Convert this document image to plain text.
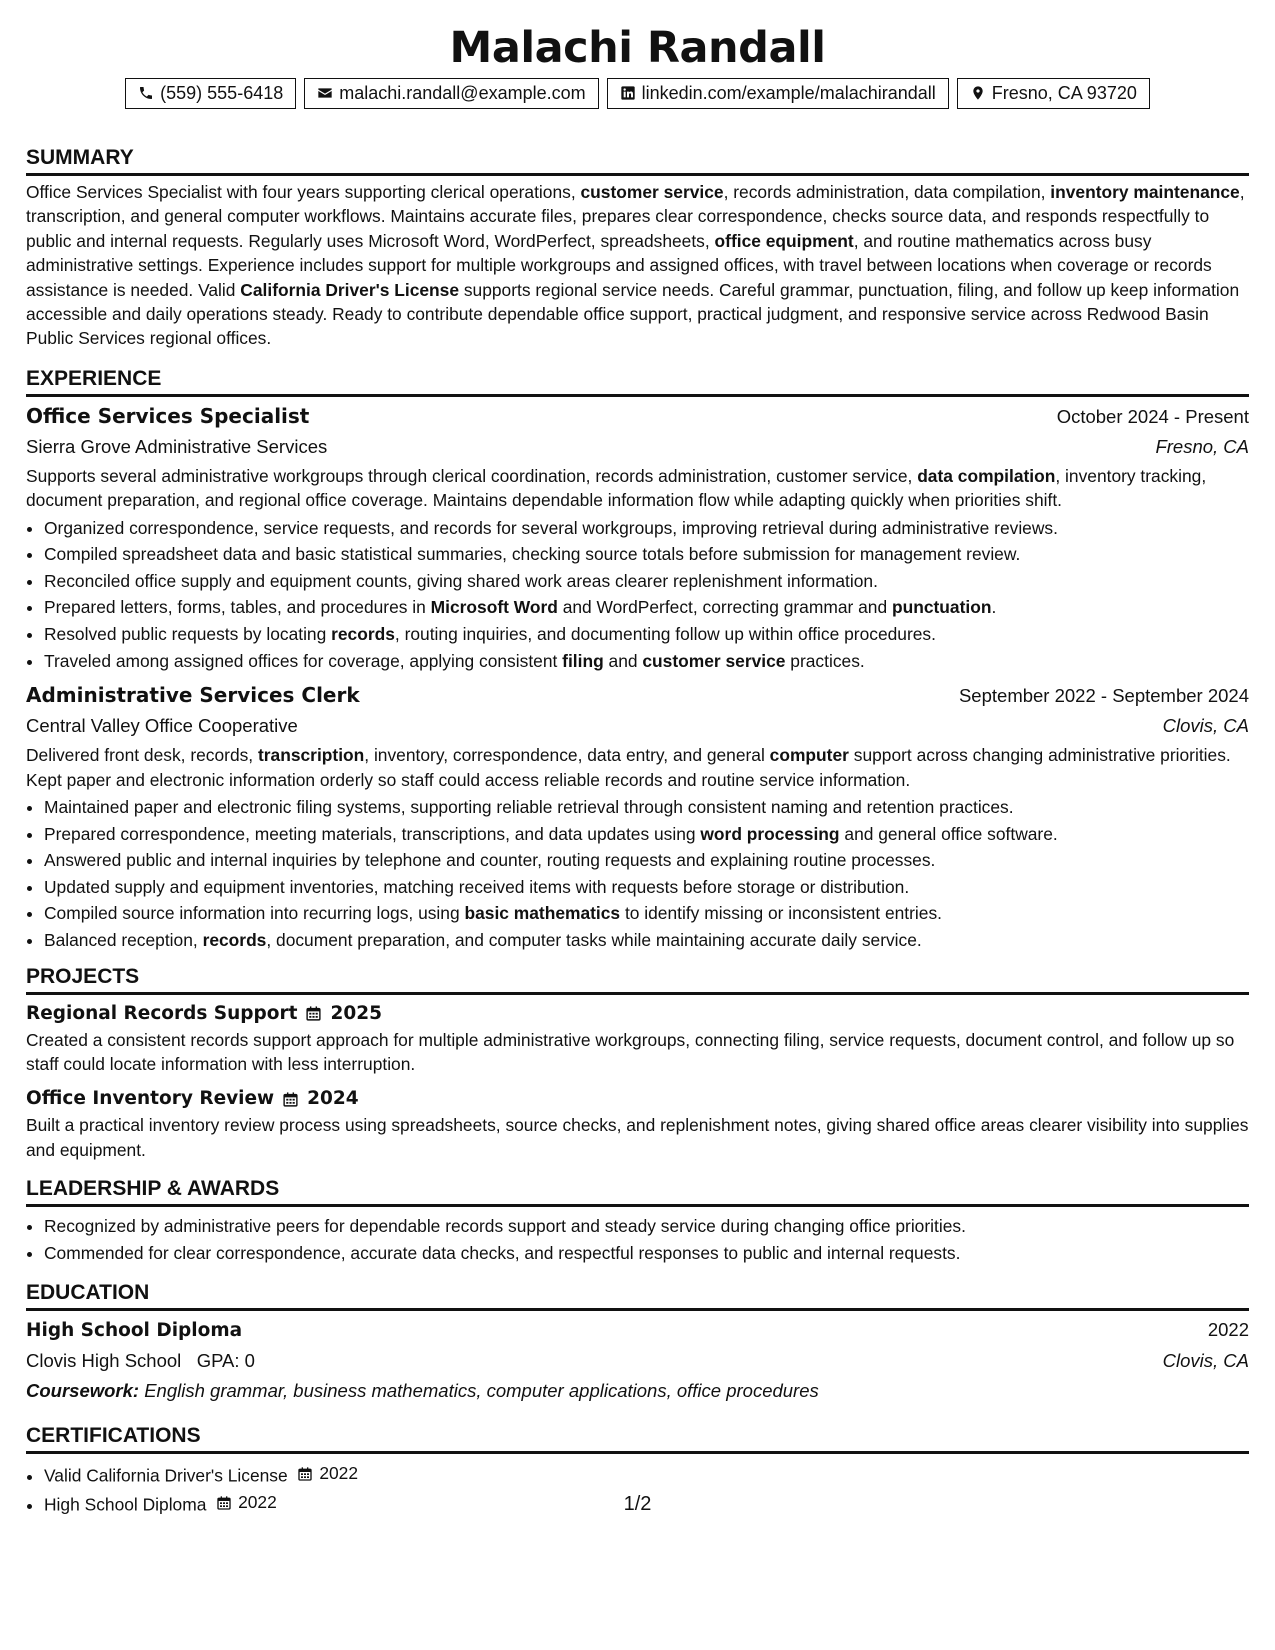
Malachi Randall
(559) 555-6418	malachi.randall@example.com	linkedin.com/example/malachirandall	Fresno, CA 93720
SUMMARY

Office Services Specialist with four years supporting clerical operations, customer service, records administration, data compilation, inventory maintenance, transcription, and general computer workflows. Maintains accurate files, prepares clear correspondence, checks source data, and responds respectfully to public and internal requests. Regularly uses Microsoft Word, WordPerfect, spreadsheets, office equipment, and routine mathematics across busy administrative settings. Experience includes support for multiple workgroups and assigned offices, with travel between locations when coverage or records assistance is needed. Valid California Driver's License supports regional service needs. Careful grammar, punctuation, filing, and follow up keep information accessible and daily operations steady. Ready to contribute dependable office support, practical judgment, and responsive service across Redwood Basin Public Services regional offices.

EXPERIENCE
Office Services Specialist	October 2024 - Present
Sierra Grove Administrative Services	Fresno, CA

Supports several administrative workgroups through clerical coordination, records administration, customer service, data compilation, inventory tracking, document preparation, and regional office coverage. Maintains dependable information flow while adapting quickly when priorities shift.

• Organized correspondence, service requests, and records for several workgroups, improving retrieval during administrative reviews.
• Compiled spreadsheet data and basic statistical summaries, checking source totals before submission for management review.
• Reconciled office supply and equipment counts, giving shared work areas clearer replenishment information.
• Prepared letters, forms, tables, and procedures in Microsoft Word and WordPerfect, correcting grammar and punctuation.
• Resolved public requests by locating records, routing inquiries, and documenting follow up within office procedures.
• Traveled among assigned offices for coverage, applying consistent filing and customer service practices.
Administrative Services Clerk	September 2022 - September 2024
Central Valley Office Cooperative	Clovis, CA

Delivered front desk, records, transcription, inventory, correspondence, data entry, and general computer support across changing administrative priorities. Kept paper and electronic information orderly so staff could access reliable records and routine service information.

• Maintained paper and electronic filing systems, supporting reliable retrieval through consistent naming and retention practices.
• Prepared correspondence, meeting materials, transcriptions, and data updates using word processing and general office software.
• Answered public and internal inquiries by telephone and counter, routing requests and explaining routine processes.
• Updated supply and equipment inventories, matching received items with requests before storage or distribution.
• Compiled source information into recurring logs, using basic mathematics to identify missing or inconsistent entries.
• Balanced reception, records, document preparation, and computer tasks while maintaining accurate daily service.
PROJECTS
Regional Records Support 2025

Created a consistent records support approach for multiple administrative workgroups, connecting filing, service requests, document control, and follow up so staff could locate information with less interruption.

Office Inventory Review 2024

Built a practical inventory review process using spreadsheets, source checks, and replenishment notes, giving shared office areas clearer visibility into supplies and equipment.

LEADERSHIP & AWARDS
• Recognized by administrative peers for dependable records support and steady service during changing office priorities.
• Commended for clear correspondence, accurate data checks, and respectful responses to public and internal requests.
EDUCATION
High School Diploma	2022
Clovis High School GPA: 0	Clovis, CA
Coursework: English grammar, business mathematics, computer applications, office procedures
CERTIFICATIONS
• Valid California Driver's License 2022
• High School Diploma 2022	1/2
